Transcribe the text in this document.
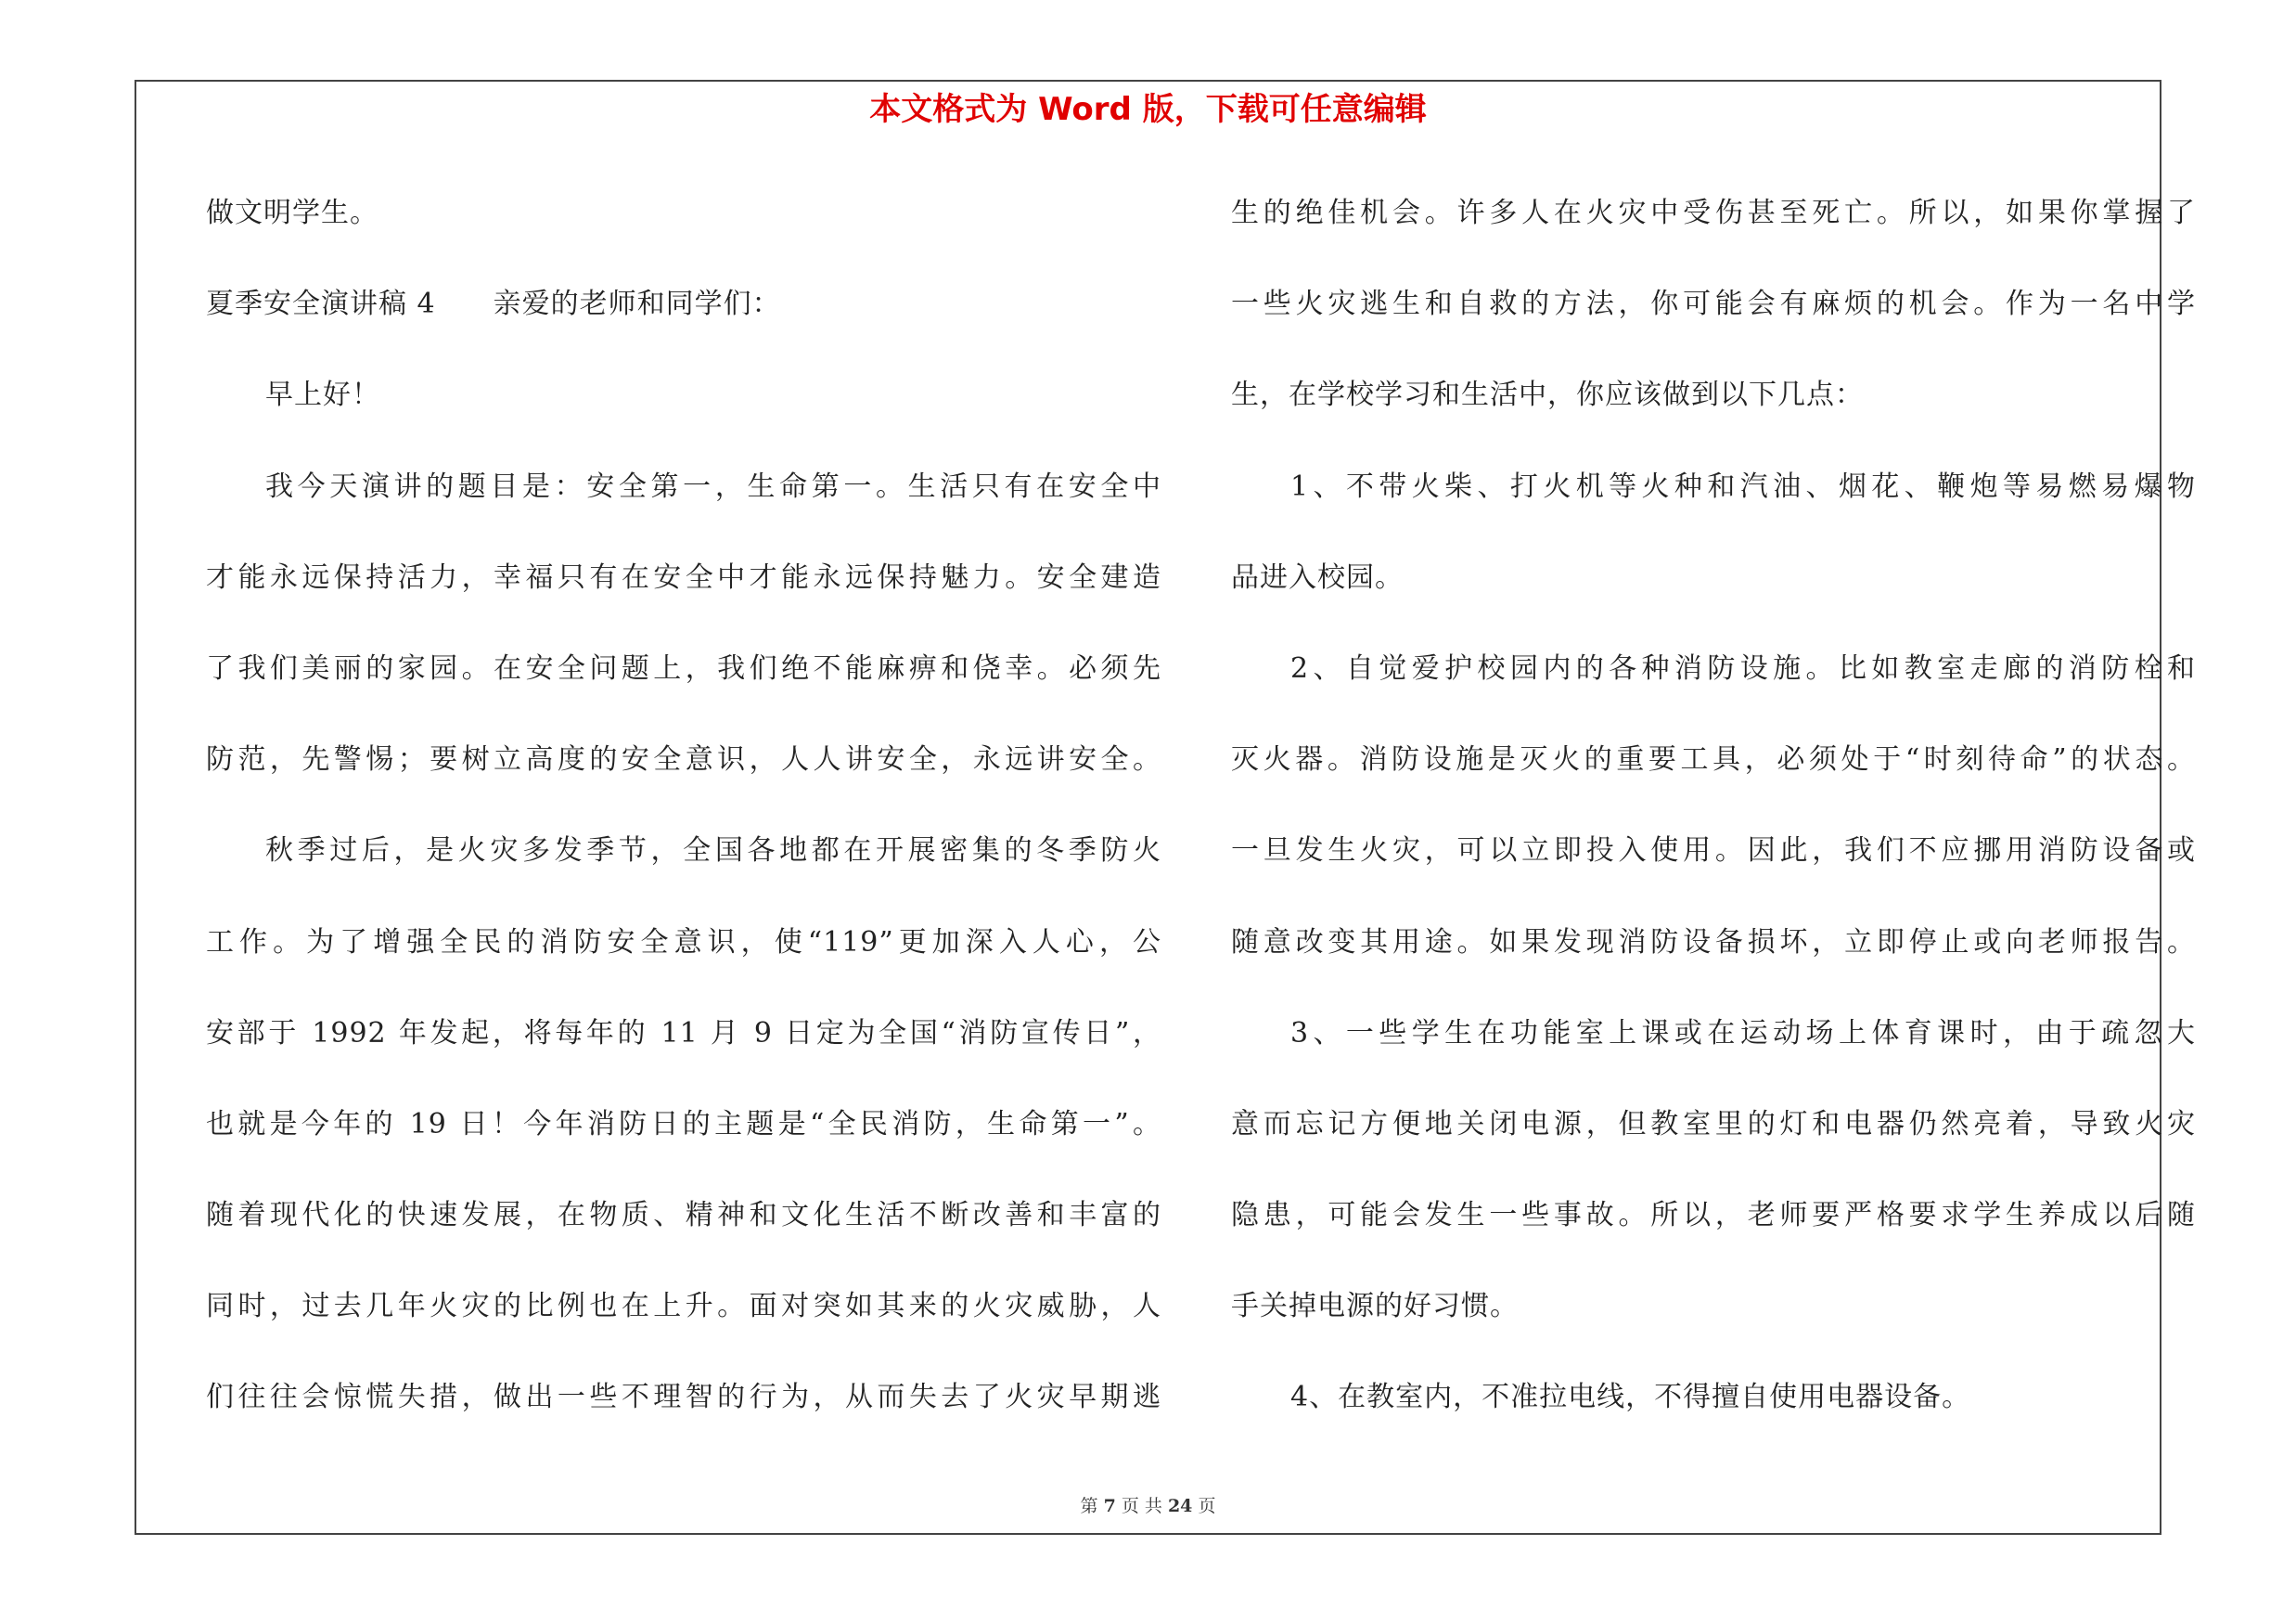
本文格式为 Word 版，下载可任意编辑
做文明学生。
夏季安全演讲稿 4　　亲爱的老师和同学们：
早上好！
我今天演讲的题目是：安全第一，生命第一。生活只有在安全中
才能永远保持活力，幸福只有在安全中才能永远保持魅力。安全建造
了我们美丽的家园。在安全问题上，我们绝不能麻痹和侥幸。必须先
防范，先警惕；要树立高度的安全意识，人人讲安全，永远讲安全。
秋季过后，是火灾多发季节，全国各地都在开展密集的冬季防火
工作。为了增强全民的消防安全意识，使“119”更加深入人心，公
安部于 1992 年发起，将每年的 11 月 9 日定为全国“消防宣传日”，
也就是今年的 19 日！今年消防日的主题是“全民消防，生命第一”。
随着现代化的快速发展，在物质、精神和文化生活不断改善和丰富的
同时，过去几年火灾的比例也在上升。面对突如其来的火灾威胁，人
们往往会惊慌失措，做出一些不理智的行为，从而失去了火灾早期逃
生的绝佳机会。许多人在火灾中受伤甚至死亡。所以，如果你掌握了
一些火灾逃生和自救的方法，你可能会有麻烦的机会。作为一名中学
生，在学校学习和生活中，你应该做到以下几点：
1、不带火柴、打火机等火种和汽油、烟花、鞭炮等易燃易爆物
品进入校园。
2、自觉爱护校园内的各种消防设施。比如教室走廊的消防栓和
灭火器。消防设施是灭火的重要工具，必须处于“时刻待命”的状态。
一旦发生火灾，可以立即投入使用。因此，我们不应挪用消防设备或
随意改变其用途。如果发现消防设备损坏，立即停止或向老师报告。
3、一些学生在功能室上课或在运动场上体育课时，由于疏忽大
意而忘记方便地关闭电源，但教室里的灯和电器仍然亮着，导致火灾
隐患，可能会发生一些事故。所以，老师要严格要求学生养成以后随
手关掉电源的好习惯。
4、在教室内，不准拉电线，不得擅自使用电器设备。
第 7 页 共 24 页
